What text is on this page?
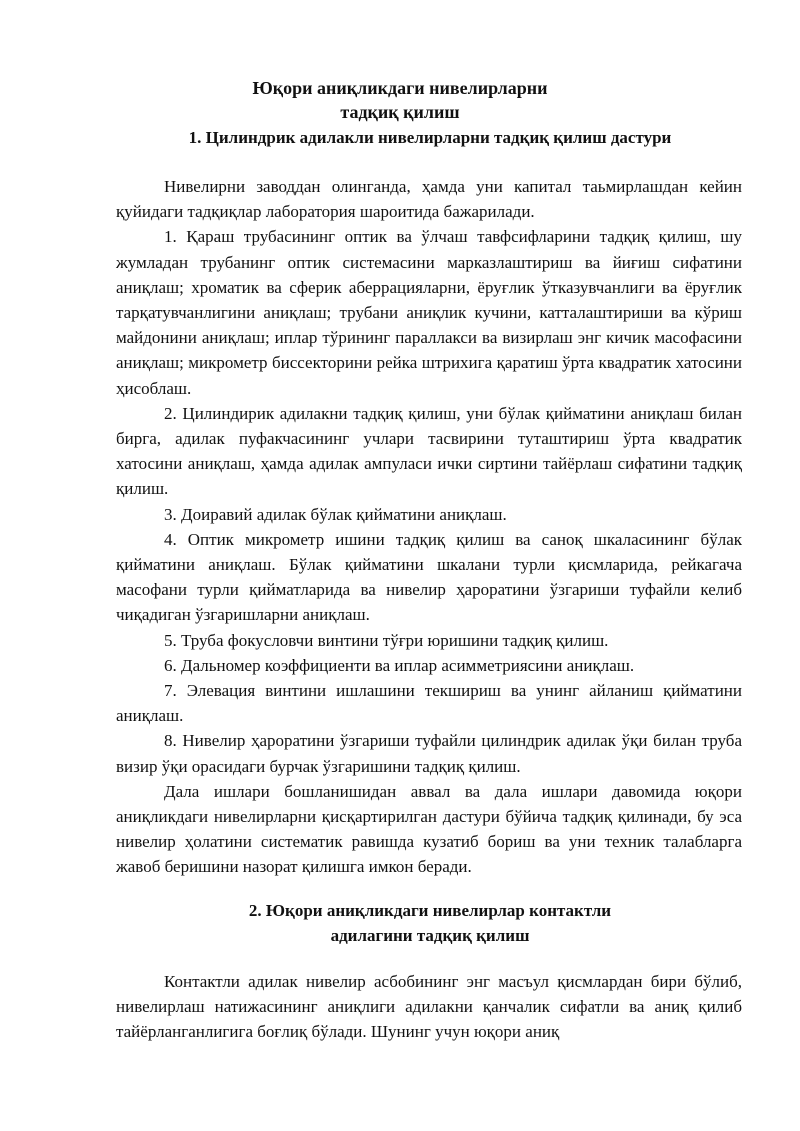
Юқори аниқликдаги нивелирларни
тадқиқ қилиш
1. Цилиндрик адилакли нивелирларни тадқиқ қилиш дастури

Нивелирни заводдан олинганда, ҳамда уни капитал таьмирлашдан кейин қуйидаги тадқиқлар лаборатория шароитида бажарилади.

1. Қараш трубасининг оптик ва ўлчаш тавфсифларини тадқиқ қилиш, шу жумладан трубанинг оптик системасини марказлаштириш ва йиғиш сифатини аниқлаш; хроматик ва сферик аберрацияларни, ёруғлик ўтказувчанлиги ва ёруғлик тарқатувчанлигини аниқлаш; трубани аниқлик кучини, катталаштириши ва кўриш майдонини аниқлаш; иплар тўрининг параллакси ва визирлаш энг кичик масофасини аниқлаш; микрометр биссекторини рейка штрихига қаратиш ўрта квадратик хатосини ҳисоблаш.

2. Цилиндирик адилакни тадқиқ қилиш, уни бўлак қийматини аниқлаш билан бирга, адилак пуфакчасининг учлари тасвирини туташтириш ўрта квадратик хатосини аниқлаш, ҳамда адилак ампуласи ички сиртини тайёрлаш сифатини тадқиқ қилиш.

3. Доиравий адилак бўлак қийматини аниқлаш.

4. Оптик микрометр ишини тадқиқ қилиш ва саноқ шкаласининг бўлак қийматини аниқлаш. Бўлак қийматини шкалани турли қисмларида, рейкагача масофани турли қийматларида ва нивелир ҳароратини ўзгариши туфайли келиб чиқадиган ўзгаришларни аниқлаш.

5. Труба фокусловчи винтини тўғри юришини тадқиқ қилиш.

6. Дальномер коэффициенти ва иплар асимметриясини аниқлаш.

7. Элевация винтини ишлашини текшириш ва унинг айланиш қийматини аниқлаш.

8. Нивелир ҳароратини ўзгариши туфайли цилиндрик адилак ўқи билан труба визир ўқи орасидаги бурчак ўзгаришини тадқиқ қилиш.

Дала ишлари бошланишидан аввал ва дала ишлари давомида юқори аниқликдаги нивелирларни қисқартирилган дастури бўйича тадқиқ қилинади, бу эса нивелир ҳолатини систематик равишда кузатиб бориш ва уни техник талабларга жавоб беришини назорат қилишга имкон беради.

2. Юқори аниқликдаги нивелирлар контактли
адилагини тадқиқ қилиш

Контактли адилак нивелир асбобининг энг масъул қисмлардан бири бўлиб, нивелирлаш натижасининг аниқлиги адилакни қанчалик сифатли ва аниқ қилиб тайёрланганлигига боғлиқ бўлади. Шунинг учун юқори аниқ
